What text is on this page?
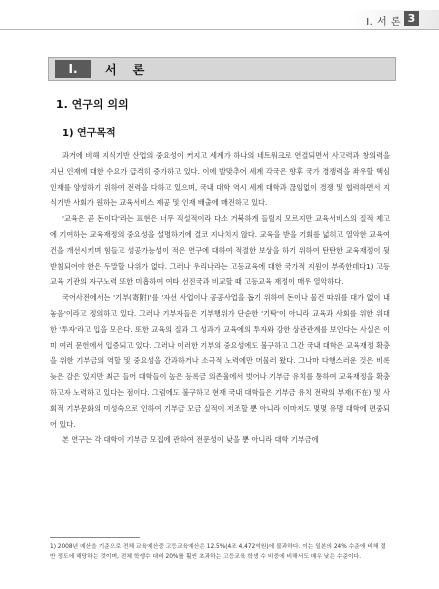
Ⅰ. 서 론 3
Ⅰ.	서 론
1. 연구의 의의
1) 연구목적

과거에 비해 지식기반 산업의 중요성이 커지고 세계가 하나의 네트워크로 연결되면서 사고력과 창의력을 지닌 인재에 대한 수요가 급격히 증가하고 있다. 이에 발맞추어 세계 각국은 향후 국가 경쟁력을 좌우할 핵심인재를 양성하기 위하여 전력을 다하고 있으며, 국내 대학 역시 세계 대학과 끊임없이 경쟁 및 협력하면서 지식기반 사회가 원하는 교육서비스 제공 및 인재 배출에 매진하고 있다.

'교육은 곧 돈이다'라는 표현은 너무 직설적이라 다소 거북하게 들릴지 모르지만 교육서비스의 질적 제고에 기여하는 교육재정의 중요성을 설명하기에 결코 지나치지 않다. 교육을 받을 기회를 넓히고 열악한 교육여건을 개선시키며 힘들고 성공가능성이 적은 연구에 대하여 적절한 보상을 하기 위하여 탄탄한 교육재정이 뒷받침되어야 한은 두말할 나위가 없다. 그러나 우리나라는 고등교육에 대한 국가적 지원이 부족한데다1) 고등교육 기관의 자구노력 또한 미흡하여 여타 선진국과 비교할 때 고등교육 재정이 매우 열악하다.

국어사전에서는 '기부(寄附)'를 '자선 사업이나 공공사업을 돕기 위하여 돈이나 물건 따위를 대가 없이 내놓음'이라고 정의하고 있다. 그러나 기부자들은 기부행위가 단순한 '기탁'이 아니라 교육과 사회를 위한 위대한 '투자'라고 입을 모은다. 또한 교육의 질과 그 성과가 교육에의 투자와 강한 상관관계를 보인다는 사실은 이미 여러 문헌에서 입증되고 있다. 그러나 이러한 기부의 중요성에도 불구하고 그간 국내 대학은 교육재정 확충을 위한 기부금의 역할 및 중요성을 간과하거나 소극적 노력에만 머물러 왔다. 그나마 다행스러운 것은 비록 늦은 감은 있지만 최근 들어 대학들이 높은 등록금 의존율에서 벗어나 기부금 유치를 통하여 교육재정을 확충하고자 노력하고 있다는 점이다. 그럼에도 불구하고 현재 국내 대학들은 기부금 유치 전략의 부재(不在) 및 사회적 기부문화의 미성숙으로 인하여 기부금 모금 실적이 저조할 뿐 아니라 이마저도 몇몇 유명 대학에 편중되어 있다.

본 연구는 각 대학이 기부금 모집에 관하여 전문성이 낮을 뿐 아니라 대학 기부금에

1) 2008년 예산을 기준으로 전체 교육예산중 고등교육예산은 12.5%(4조 4,472억원)에 불과하다. 이는 일본의 24% 수준에 비해 절반 정도에 해당하는 것이며, 전체 학생수 대비 20%를 훨씬 초과하는 고등교육 학생 수 비중에 비해서도 매우 낮은 수준이다.
